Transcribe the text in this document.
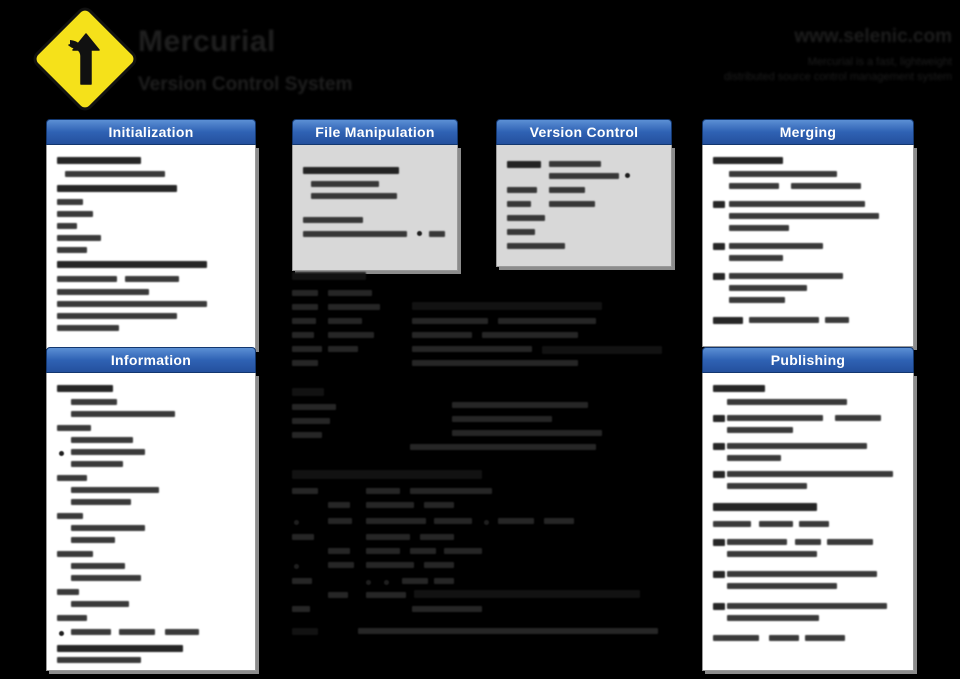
Mercurial
Version Control System
www.selenic.com
Mercurial is a fast, lightweight
distributed source control management system
Initialization	File Manipulation	Version Control	Merging
Information	Publishing
